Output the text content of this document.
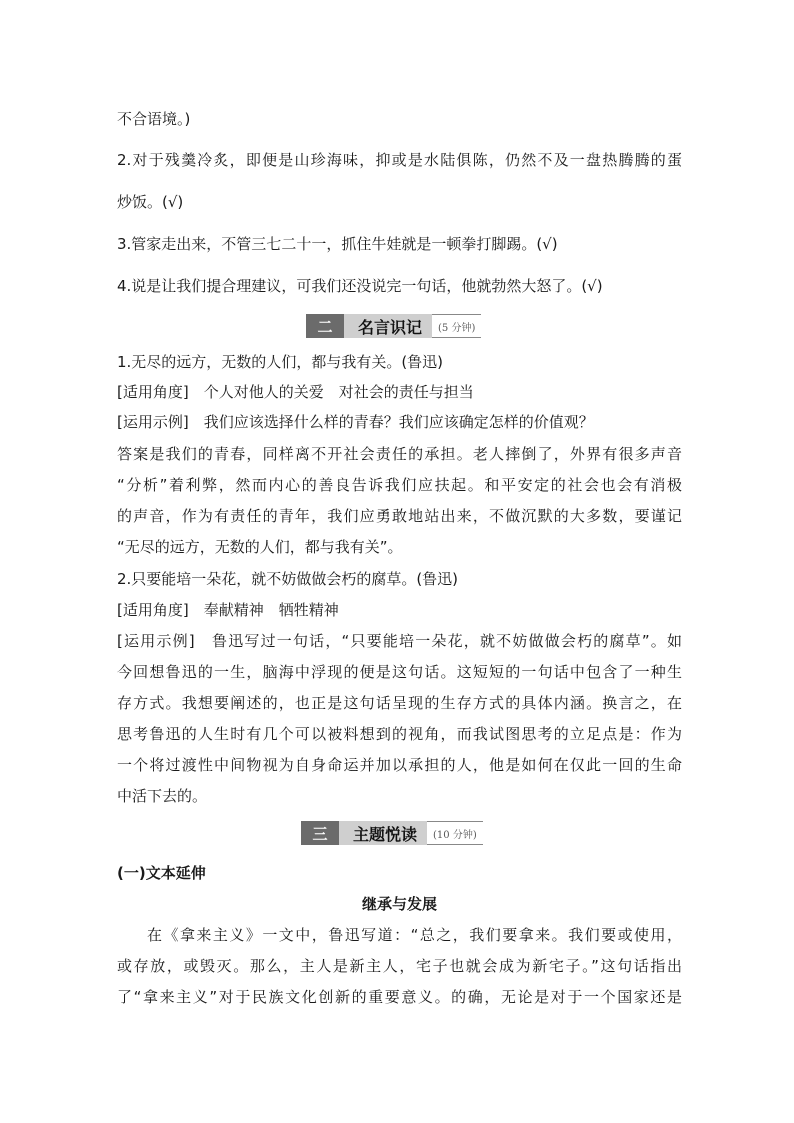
不合语境。)
2.对于残羹冷炙，即便是山珍海味，抑或是水陆俱陈，仍然不及一盘热腾腾的蛋
炒饭。(√)
3.管家走出来，不管三七二十一，抓住牛娃就是一顿拳打脚踢。(√)
4.说是让我们提合理建议，可我们还没说完一句话，他就勃然大怒了。(√)
二	名言识记	(5 分钟)
1.无尽的远方，无数的人们，都与我有关。(鲁迅)
[适用角度]　个人对他人的关爱　对社会的责任与担当
[运用示例]　我们应该选择什么样的青春？我们应该确定怎样的价值观？
答案是我们的青春，同样离不开社会责任的承担。老人摔倒了，外界有很多声音
“分析”着利弊，然而内心的善良告诉我们应扶起。和平安定的社会也会有消极
的声音，作为有责任的青年，我们应勇敢地站出来，不做沉默的大多数，要谨记
“无尽的远方，无数的人们，都与我有关”。
2.只要能培一朵花，就不妨做做会朽的腐草。(鲁迅)
[适用角度]　奉献精神　牺牲精神
[运用示例]　鲁迅写过一句话，“只要能培一朵花，就不妨做做会朽的腐草”。如
今回想鲁迅的一生，脑海中浮现的便是这句话。这短短的一句话中包含了一种生
存方式。我想要阐述的，也正是这句话呈现的生存方式的具体内涵。换言之，在
思考鲁迅的人生时有几个可以被料想到的视角，而我试图思考的立足点是：作为
一个将过渡性中间物视为自身命运并加以承担的人，他是如何在仅此一回的生命
中活下去的。
三	主题悦读	(10 分钟)
(一)文本延伸
继承与发展
在《拿来主义》一文中，鲁迅写道：“总之，我们要拿来。我们要或使用，
或存放，或毁灭。那么，主人是新主人，宅子也就会成为新宅子。”这句话指出
了“拿来主义”对于民族文化创新的重要意义。的确，无论是对于一个国家还是
